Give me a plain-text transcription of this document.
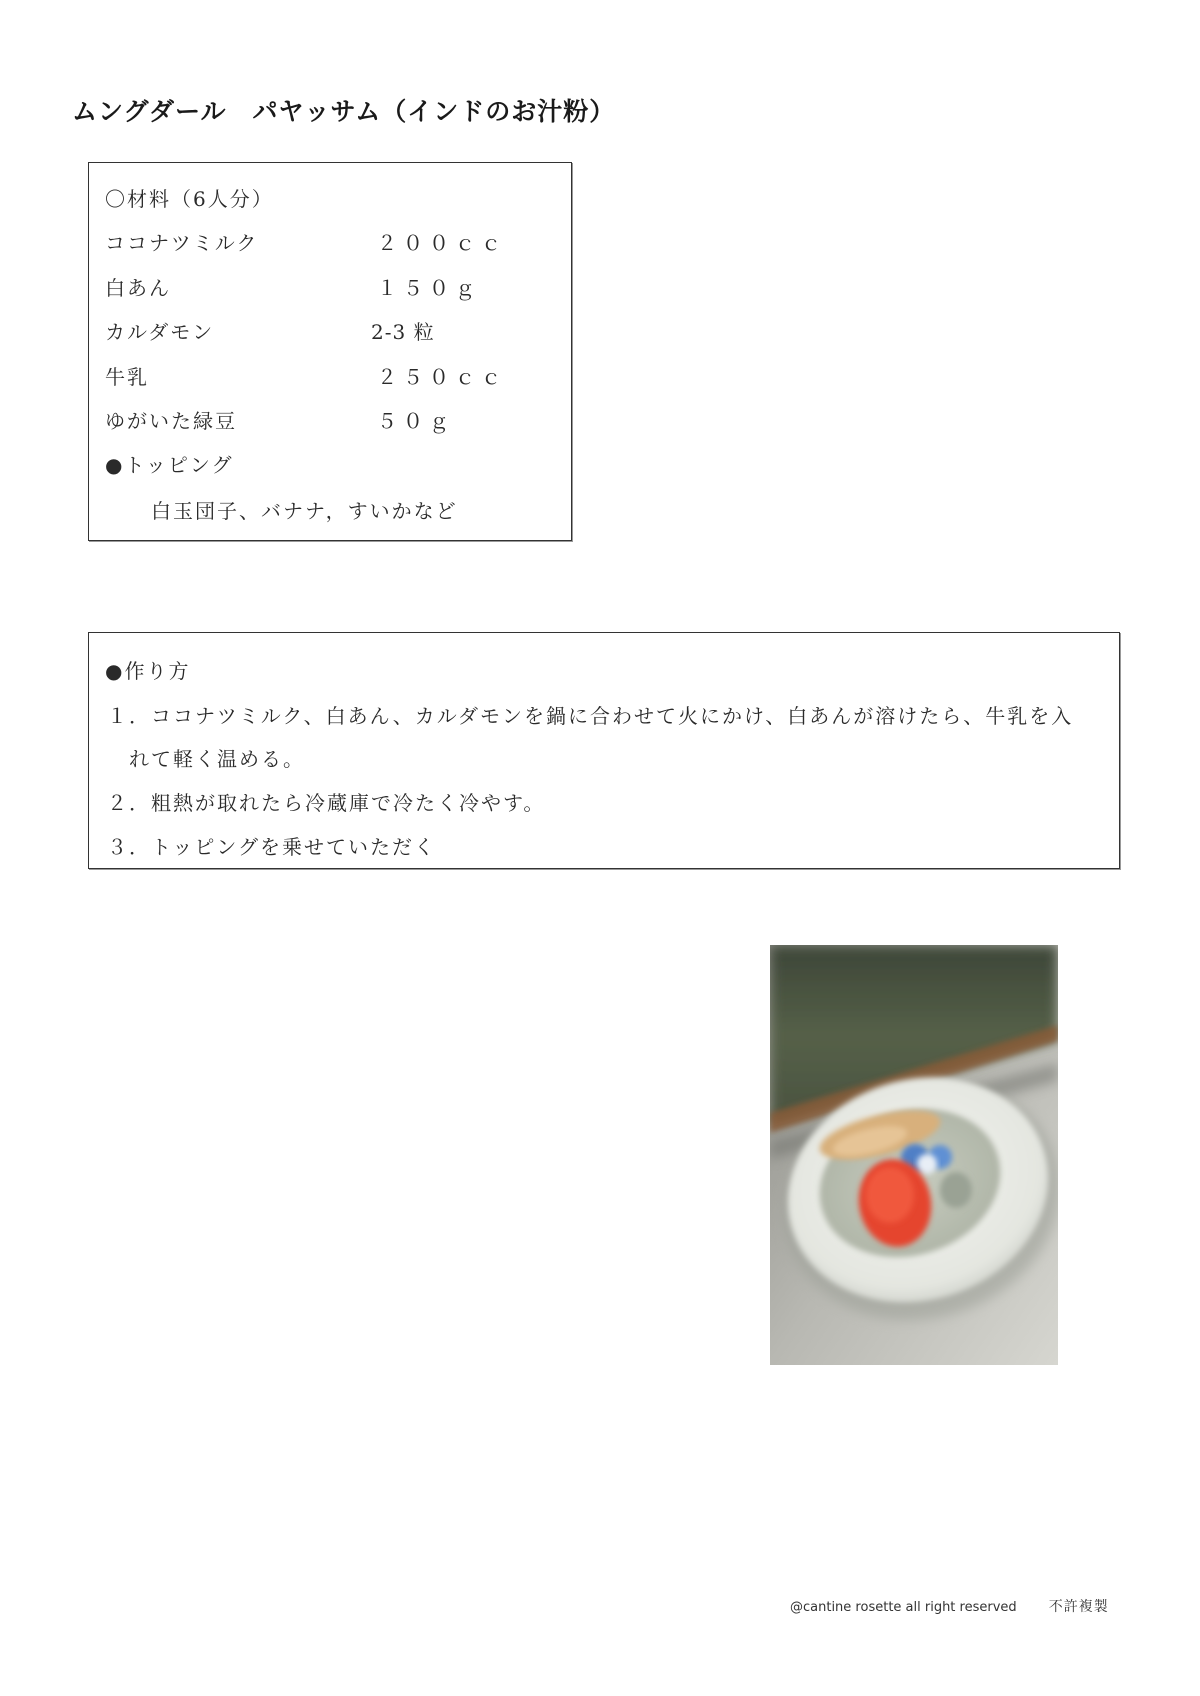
ムングダール　パヤッサム（インドのお汁粉）
〇材料（6人分）
ココナツミルク	２００ｃｃ
白あん	１５０ｇ
カルダモン	2-3 粒
牛乳	２５０ｃｃ
ゆがいた緑豆	５０ｇ
●トッピング
白玉団子、バナナ，すいかなど
●作り方
１．ココナツミルク、白あん、カルダモンを鍋に合わせて火にかけ、白あんが溶けたら、牛乳を入
れて軽く温める。
２．粗熱が取れたら冷蔵庫で冷たく冷やす。
３．トッピングを乗せていただく
@cantine rosette all right reserved 不許複製
